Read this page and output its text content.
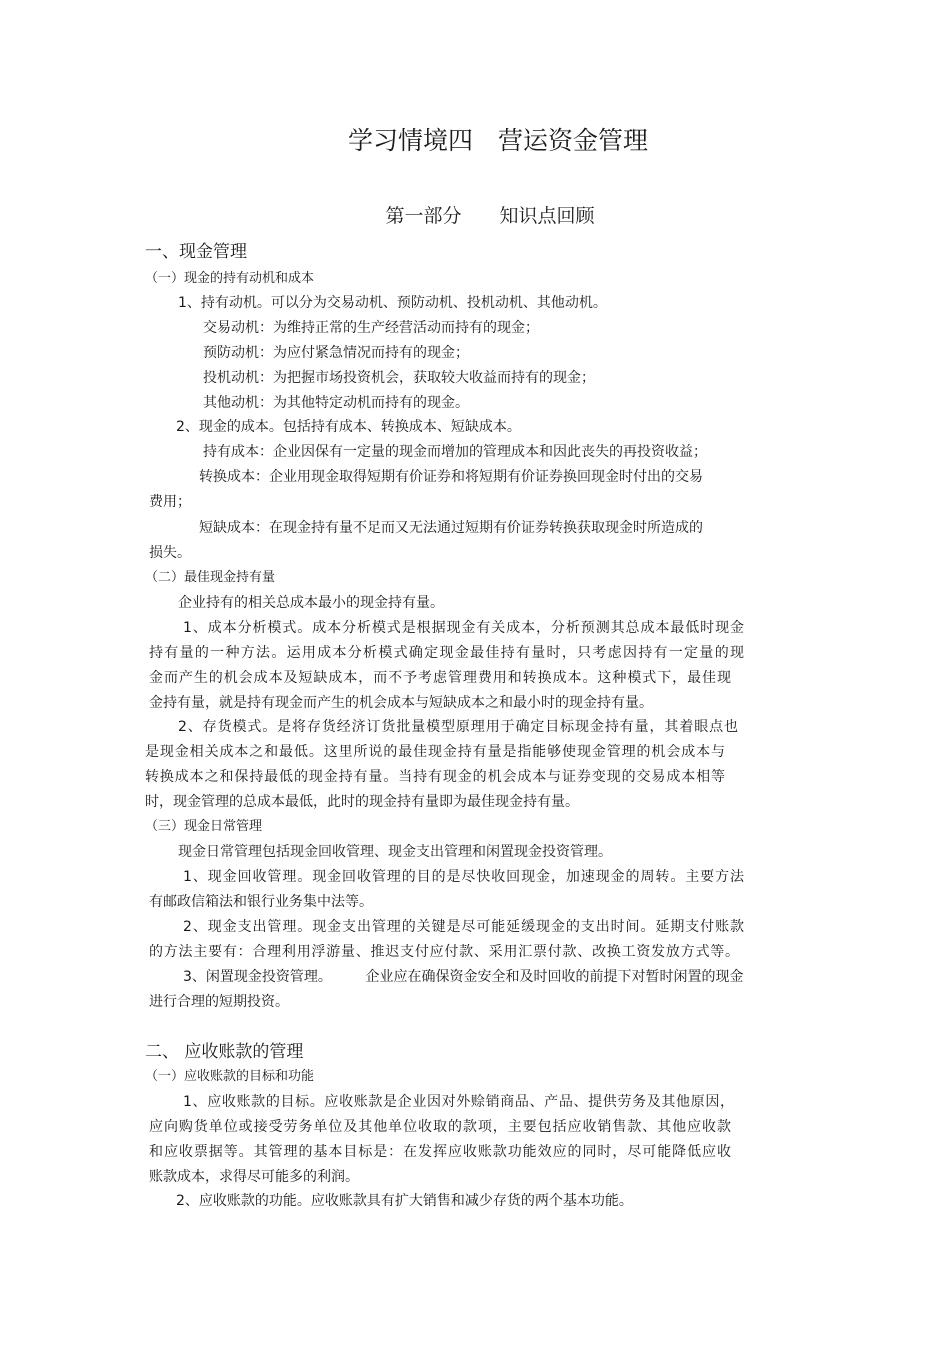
学习情境四　营运资金管理
第一部分　　知识点回顾
一、现金管理
（一）现金的持有动机和成本
1、持有动机。可以分为交易动机、预防动机、投机动机、其他动机。
交易动机：为维持正常的生产经营活动而持有的现金；
预防动机：为应付紧急情况而持有的现金；
投机动机：为把握市场投资机会，获取较大收益而持有的现金；
其他动机：为其他特定动机而持有的现金。
2、现金的成本。包括持有成本、转换成本、短缺成本。
持有成本：企业因保有一定量的现金而增加的管理成本和因此丧失的再投资收益；
转换成本：企业用现金取得短期有价证券和将短期有价证券换回现金时付出的交易
费用；
短缺成本：在现金持有量不足而又无法通过短期有价证券转换获取现金时所造成的
损失。
（二）最佳现金持有量
企业持有的相关总成本最小的现金持有量。
1、成本分析模式。成本分析模式是根据现金有关成本，分析预测其总成本最低时现金
持有量的一种方法。运用成本分析模式确定现金最佳持有量时，只考虑因持有一定量的现
金而产生的机会成本及短缺成本，而不予考虑管理费用和转换成本。这种模式下，最佳现
金持有量，就是持有现金而产生的机会成本与短缺成本之和最小时的现金持有量。
2、存货模式。是将存货经济订货批量模型原理用于确定目标现金持有量，其着眼点也
是现金相关成本之和最低。这里所说的最佳现金持有量是指能够使现金管理的机会成本与
转换成本之和保持最低的现金持有量。当持有现金的机会成本与证券变现的交易成本相等
时，现金管理的总成本最低，此时的现金持有量即为最佳现金持有量。
（三）现金日常管理
现金日常管理包括现金回收管理、现金支出管理和闲置现金投资管理。
1、现金回收管理。现金回收管理的目的是尽快收回现金，加速现金的周转。主要方法
有邮政信箱法和银行业务集中法等。
2、现金支出管理。现金支出管理的关键是尽可能延缓现金的支出时间。延期支付账款
的方法主要有：合理利用浮游量、推迟支付应付款、采用汇票付款、改换工资发放方式等。
3、闲置现金投资管理。 企业应在确保资金安全和及时回收的前提下对暂时闲置的现金
进行合理的短期投资。
二、 应收账款的管理
（一）应收账款的目标和功能
1、应收账款的目标。应收账款是企业因对外赊销商品、产品、提供劳务及其他原因，
应向购货单位或接受劳务单位及其他单位收取的款项，主要包括应收销售款、其他应收款
和应收票据等。其管理的基本目标是：在发挥应收账款功能效应的同时，尽可能降低应收
账款成本，求得尽可能多的利润。
2、应收账款的功能。应收账款具有扩大销售和减少存货的两个基本功能。
